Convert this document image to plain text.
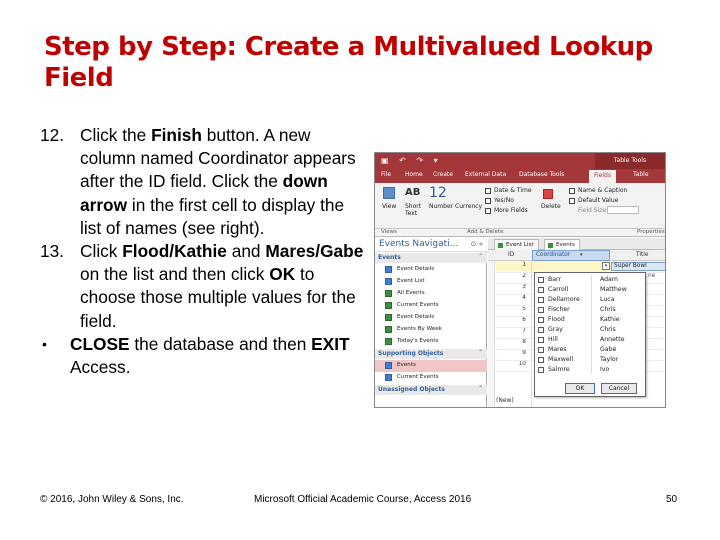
Step by Step: Create a Multivalued Lookup Field
12. Click the Finish button. A new column named Coordinator appears after the ID field. Click the down arrow in the first cell to display the list of names (see right).
13. Click Flood/Kathie and Mares/Gabe on the list and then click OK to choose those multiple values for the field.
• CLOSE the database and then EXIT Access.
▣ ↶ ↷ ▾	Table Tools
File Home Create External Data Database Tools	Fields	Table
View
AB 12
Short Text
Number Currency
Date & Time
Yes/No
More Fields
Delete
Name & Caption
Default Value
Field Size
Views	Add & Delete	Properties
Events Navigati... ⊙ «
Events	⌃
Event Details
Event List
All Events
Current Events
Event Details
Events By Week
Today's Events
Supporting Objects	⌃
Events
Current Events
Unassigned Objects	⌃
Event List	Events
ID	Coordinator ▾	Title
1
2
3
4
5
6
7
8
9
10
(New)
▾	Super Bowl
ne
Barr	Adam
Carroll	Matthew
Dellamore	Luca
Fischer	Chris
Flood	Kathie
Gray	Chris
Hill	Annette
Mares	Gabe
Maxwell	Taylor
Salmre	Ivo
OK	Cancel
© 2016, John Wiley & Sons, Inc.	Microsoft Official Academic Course, Access 2016	50
